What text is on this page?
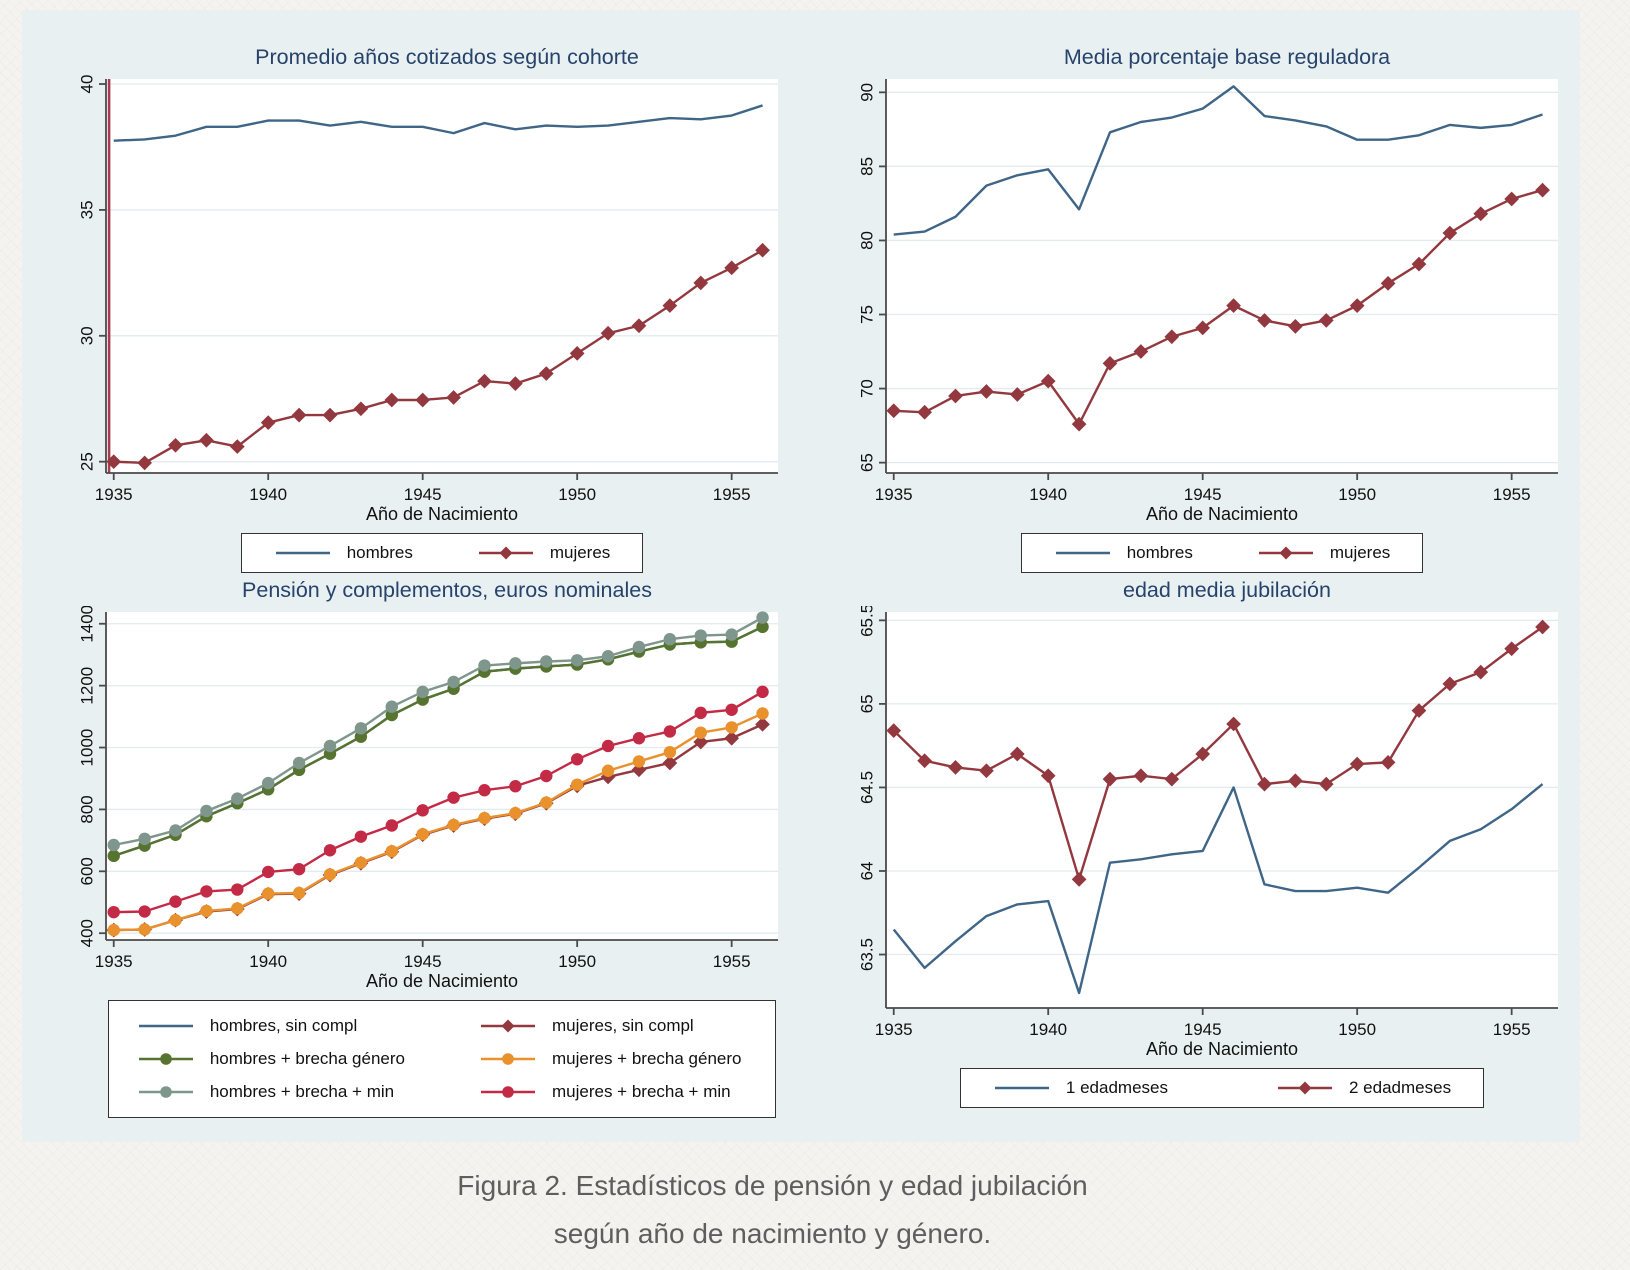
Promedio años cotizados según cohorte
25
30
35
40
1935	1940	1945	1950	1955
Año de Nacimiento
hombres	mujeres
Media porcentaje base reguladora
65
70
75
80
85
90
1935	1940	1945	1950	1955
Año de Nacimiento
hombres	mujeres
Pensión y complementos, euros nominales
400
600
800
1000
1200
1400
1935	1940	1945	1950	1955
Año de Nacimiento
hombres, sin compl	mujeres, sin compl
hombres + brecha género	mujeres + brecha género
hombres + brecha + min	mujeres + brecha + min
edad media jubilación
63.5
64
64.5
65
65.5
1935	1940	1945	1950	1955
Año de Nacimiento
1 edadmeses	2 edadmeses
Figura 2. Estadísticos de pensión y edad jubilación
según año de nacimiento y género.
